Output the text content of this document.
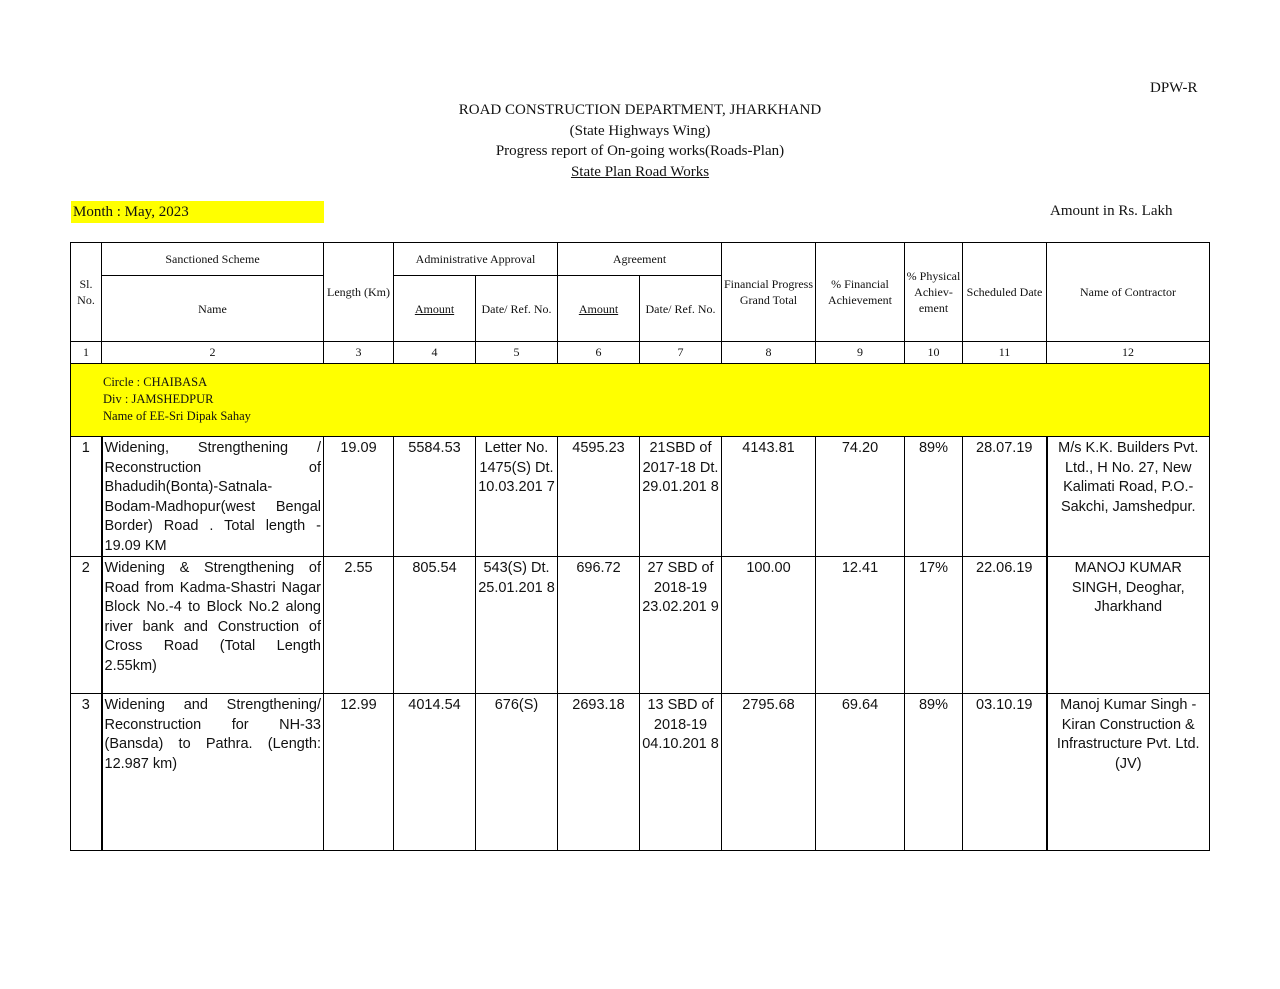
DPW-R
ROAD CONSTRUCTION DEPARTMENT, JHARKHAND
(State Highways Wing)
Progress report of On-going works(Roads-Plan)
State Plan Road Works
Month : May, 2023	Amount in Rs. Lakh
Sl. No.	Sanctioned Scheme	Length (Km)	Administrative Approval		Agreement		Financial Progress Grand Total	% Financial Achievement	% Physical Achiev- ement	Scheduled Date	Name of Contractor
	Name		Amount	Date/ Ref. No.	Amount	Date/ Ref. No.					
1	2	3	4	5	6	7	8	9	10	11	12

Circle : CHAIBASA
Div : JAMSHEDPUR
Name of EE-Sri Dipak Sahay											

1	Widening, Strengthening / Reconstruction of Bhadudih(Bonta)-Satnala-Bodam-Madhopur(west Bengal Border) Road . Total length - 19.09 KM	19.09	5584.53	Letter No. 1475(S) Dt. 10.03.201 7	4595.23	21SBD of 2017-18 Dt. 29.01.201 8	4143.81	74.20	89%	28.07.19	M/s K.K. Builders Pvt. Ltd., H No. 27, New Kalimati Road, P.O.- Sakchi, Jamshedpur.
2	Widening & Strengthening of Road from Kadma-Shastri Nagar Block No.-4 to Block No.2 along river bank and Construction of Cross Road (Total Length 2.55km)	2.55	805.54	543(S) Dt. 25.01.201 8	696.72	27 SBD of 2018-19 23.02.201 9	100.00	12.41	17%	22.06.19	MANOJ KUMAR SINGH, Deoghar, Jharkhand
3	Widening and Strengthening/ Reconstruction for NH-33 (Bansda) to Pathra. (Length: 12.987 km)	12.99	4014.54	676(S)	2693.18	13 SBD of 2018-19 04.10.201 8	2795.68	69.64	89%	03.10.19	Manoj Kumar Singh - Kiran Construction & Infrastructure Pvt. Ltd. (JV)
